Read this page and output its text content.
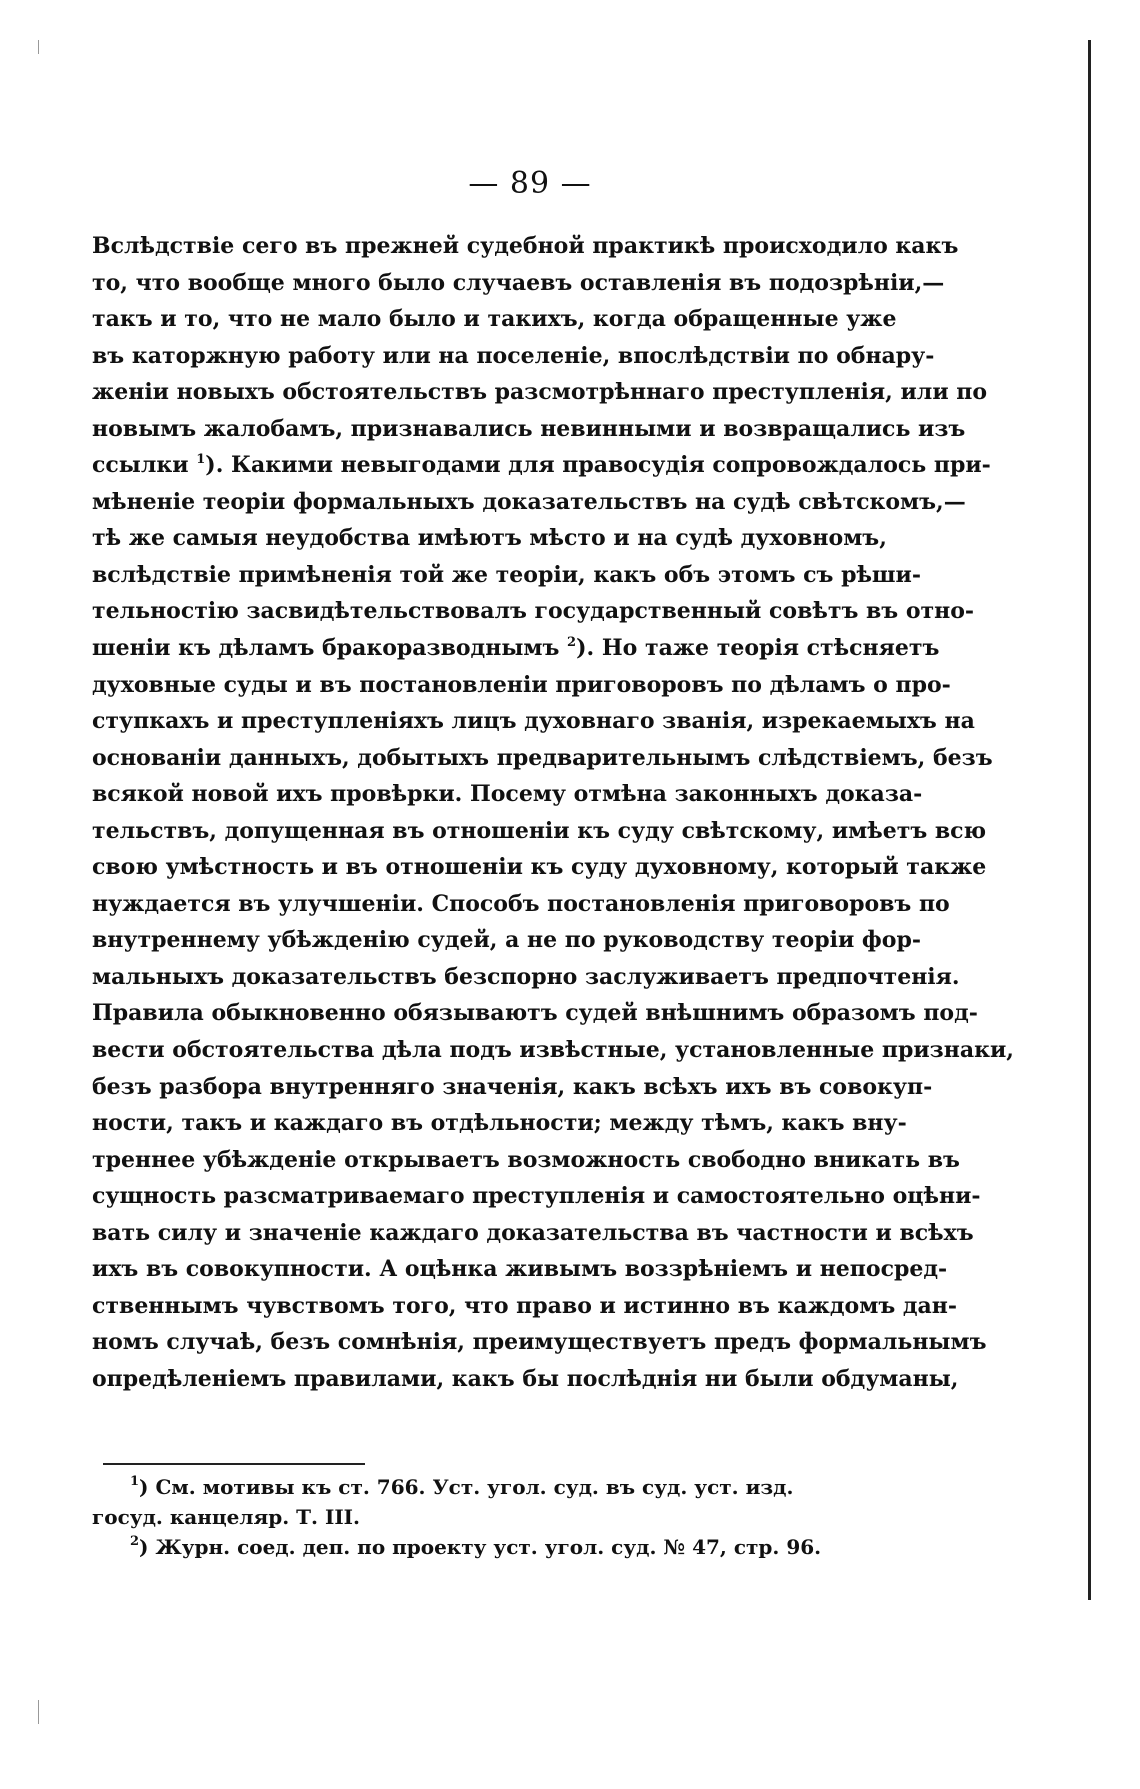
— 89 —
Вслѣдствіе сего въ прежней судебной практикѣ происходило какъ
то, что вообще много было случаевъ оставленія въ подозрѣніи,—
такъ и то, что не мало было и такихъ, когда обращенные уже
въ каторжную работу или на поселеніе, впослѣдствіи по обнару-
женіи новыхъ обстоятельствъ разсмотрѣннаго преступленія, или по
новымъ жалобамъ, признавались невинными и возвращались изъ
ссылки $^1$). Какими невыгодами для правосудія сопровождалось при-
мѣненіе теоріи формальныхъ доказательствъ на судѣ свѣтскомъ,—
тѣ же самыя неудобства имѣютъ мѣсто и на судѣ духовномъ,
вслѣдствіе примѣненія той же теоріи, какъ объ этомъ съ рѣши-
тельностію засвидѣтельствовалъ государственный совѣтъ въ отно-
шеніи къ дѣламъ бракоразводнымъ $^2$). Но таже теорія стѣсняетъ
духовные суды и въ постановленіи приговоровъ по дѣламъ о про-
ступкахъ и преступленіяхъ лицъ духовнаго званія, изрекаемыхъ на
основаніи данныхъ, добытыхъ предварительнымъ слѣдствіемъ, безъ
всякой новой ихъ провѣрки. Посему отмѣна законныхъ доказа-
тельствъ, допущенная въ отношеніи къ суду свѣтскому, имѣетъ всю
свою умѣстность и въ отношеніи къ суду духовному, который также
нуждается въ улучшеніи. Способъ постановленія приговоровъ по
внутреннему убѣжденію судей, а не по руководству теоріи фор-
мальныхъ доказательствъ безспорно заслуживаетъ предпочтенія.
Правила обыкновенно обязываютъ судей внѣшнимъ образомъ под-
вести обстоятельства дѣла подъ извѣстные, установленные признаки,
безъ разбора внутренняго значенія, какъ всѣхъ ихъ въ совокуп-
ности, такъ и каждаго въ отдѣльности; между тѣмъ, какъ вну-
треннее убѣжденіе открываетъ возможность свободно вникать въ
сущность разсматриваемаго преступленія и самостоятельно оцѣни-
вать силу и значеніе каждаго доказательства въ частности и всѣхъ
ихъ въ совокупности. А оцѣнка живымъ воззрѣніемъ и непосред-
ственнымъ чувствомъ того, что право и истинно въ каждомъ дан-
номъ случаѣ, безъ сомнѣнія, преимуществуетъ предъ формальнымъ
опредѣленіемъ правилами, какъ бы послѣднія ни были обдуманы,
$^1$) См. мотивы къ ст. 766. Уст. угол. суд. въ суд. уст. изд.
госуд. канцеляр. Т. III.
$^2$) Журн. соед. деп. по проекту уст. угол. суд. № 47, стр. 96.
